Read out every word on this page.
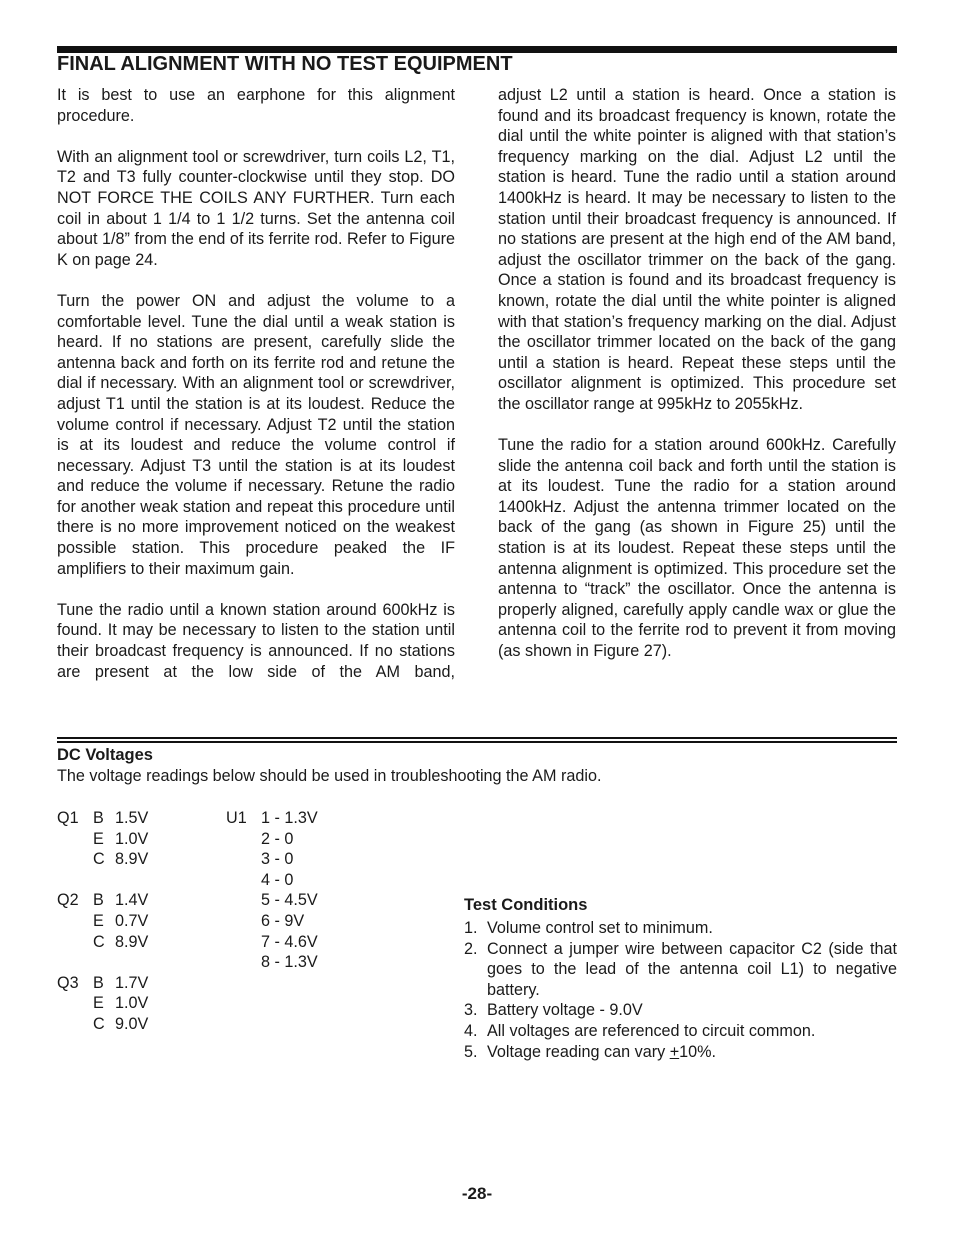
FINAL ALIGNMENT WITH NO TEST EQUIPMENT

It is best to use an earphone for this alignment procedure.

With an alignment tool or screwdriver, turn coils L2, T1, T2 and T3 fully counter-clockwise until they stop. DO NOT FORCE THE COILS ANY FURTHER. Turn each coil in about 1 1/4 to 1 1/2 turns. Set the antenna coil about 1/8” from the end of its ferrite rod. Refer to Figure K on page 24.

Turn the power ON and adjust the volume to a comfortable level. Tune the dial until a weak station is heard. If no stations are present, carefully slide the antenna back and forth on its ferrite rod and retune the dial if necessary. With an alignment tool or screwdriver, adjust T1 until the station is at its loudest. Reduce the volume control if necessary. Adjust T2 until the station is at its loudest and reduce the volume control if necessary. Adjust T3 until the station is at its loudest and reduce the volume if necessary. Retune the radio for another weak station and repeat this procedure until there is no more improvement noticed on the weakest possible station. This procedure peaked the IF amplifiers to their maximum gain.

Tune the radio until a known station around 600kHz is found. It may be necessary to listen to the station until their broadcast frequency is announced. If no stations are present at the low side of the AM band,

adjust L2 until a station is heard. Once a station is found and its broadcast frequency is known, rotate the dial until the white pointer is aligned with that station’s frequency marking on the dial. Adjust L2 until the station is heard. Tune the radio until a station around 1400kHz is heard. It may be necessary to listen to the station until their broadcast frequency is announced. If no stations are present at the high end of the AM band, adjust the oscillator trimmer on the back of the gang. Once a station is found and its broadcast frequency is known, rotate the dial until the white pointer is aligned with that station’s frequency marking on the dial. Adjust the oscillator trimmer located on the back of the gang until a station is heard. Repeat these steps until the oscillator alignment is optimized. This procedure set the oscillator range at 995kHz to 2055kHz.

Tune the radio for a station around 600kHz. Carefully slide the antenna coil back and forth until the station is at its loudest. Tune the radio for a station around 1400kHz. Adjust the antenna trimmer located on the back of the gang (as shown in Figure 25) until the station is at its loudest. Repeat these steps until the antenna alignment is optimized. This procedure set the antenna to “track” the oscillator. Once the antenna is properly aligned, carefully apply candle wax or glue the antenna coil to the ferrite rod to prevent it from moving (as shown in Figure 27).

DC Voltages
The voltage readings below should be used in troubleshooting the AM radio.
Q1 B 1.5V
E 1.0V
C 8.9V
Q2 B 1.4V
E 0.7V
C 8.9V
Q3 B 1.7V
E 1.0V
C 9.0V
U1 1 - 1.3V
2 - 0
3 - 0
4 - 0
5 - 4.5V
6 - 9V
7 - 4.6V
8 - 1.3V
Test Conditions
1. Volume control set to minimum.
2. Connect a jumper wire between capacitor C2 (side that goes to the lead of the antenna coil L1) to negative battery.
3. Battery voltage - 9.0V
4. All voltages are referenced to circuit common.
5. Voltage reading can vary +10%.
-28-
